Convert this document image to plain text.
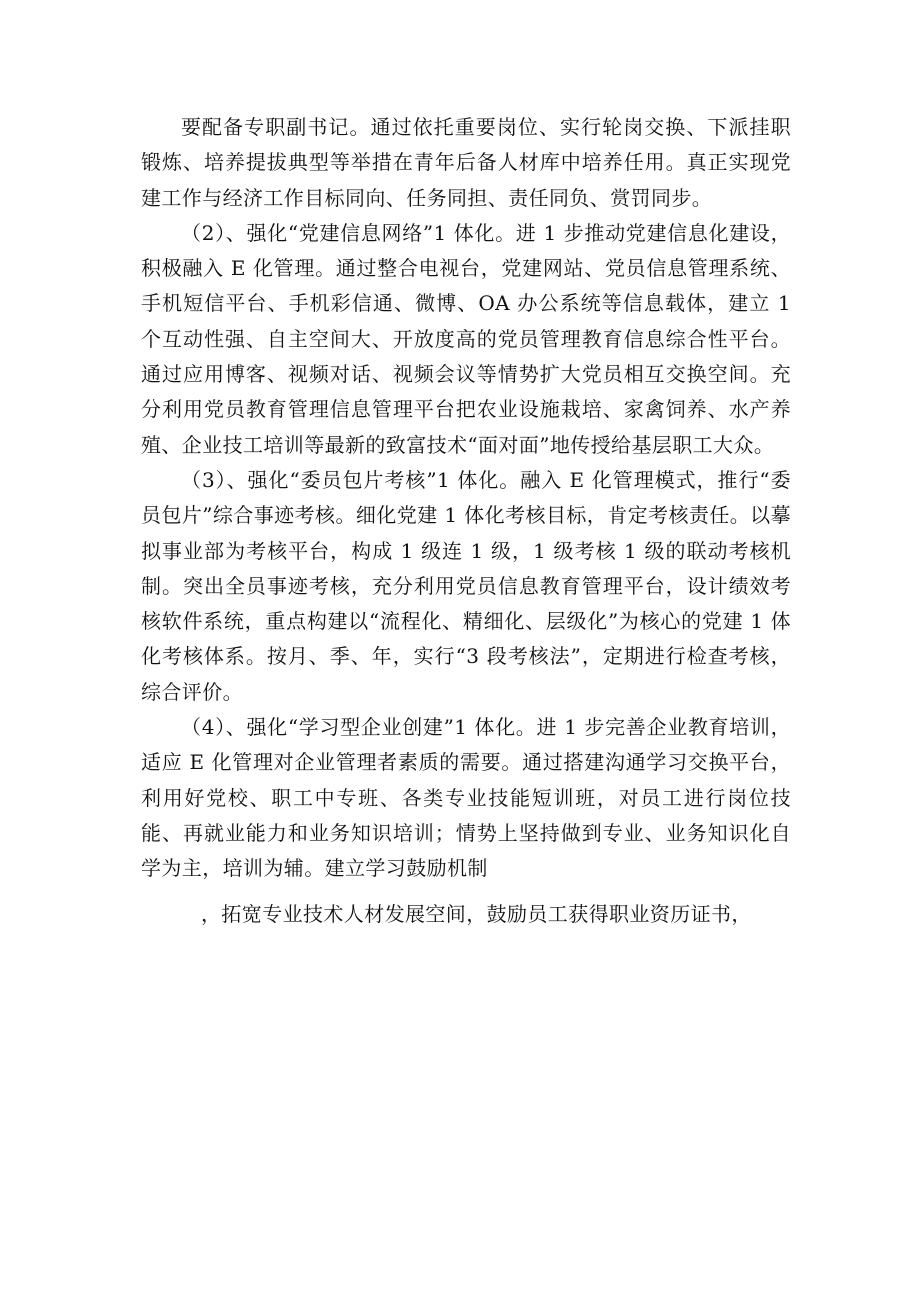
要配备专职副书记。通过依托重要岗位、实行轮岗交换、下派挂职锻炼、培养提拔典型等举措在青年后备人材库中培养任用。真正实现党建工作与经济工作目标同向、任务同担、责任同负、赏罚同步。

（2）、强化“党建信息网络”1 体化。进 1 步推动党建信息化建设，积极融入 E 化管理。通过整合电视台，党建网站、党员信息管理系统、手机短信平台、手机彩信通、微博、OA 办公系统等信息载体，建立 1 个互动性强、自主空间大、开放度高的党员管理教育信息综合性平台。通过应用博客、视频对话、视频会议等情势扩大党员相互交换空间。充分利用党员教育管理信息管理平台把农业设施栽培、家禽饲养、水产养殖、企业技工培训等最新的致富技术“面对面”地传授给基层职工大众。

（3）、强化“委员包片考核”1 体化。融入 E 化管理模式，推行“委员包片”综合事迹考核。细化党建 1 体化考核目标，肯定考核责任。以摹拟事业部为考核平台，构成 1 级连 1 级，1 级考核 1 级的联动考核机制。突出全员事迹考核，充分利用党员信息教育管理平台，设计绩效考核软件系统，重点构建以“流程化、精细化、层级化”为核心的党建 1 体化考核体系。按月、季、年，实行“3 段考核法”，定期进行检查考核，综合评价。

（4）、强化“学习型企业创建”1 体化。进 1 步完善企业教育培训，适应 E 化管理对企业管理者素质的需要。通过搭建沟通学习交换平台，利用好党校、职工中专班、各类专业技能短训班，对员工进行岗位技能、再就业能力和业务知识培训；情势上坚持做到专业、业务知识化自学为主，培训为辅。建立学习鼓励机制

，拓宽专业技术人材发展空间，鼓励员工获得职业资历证书，
